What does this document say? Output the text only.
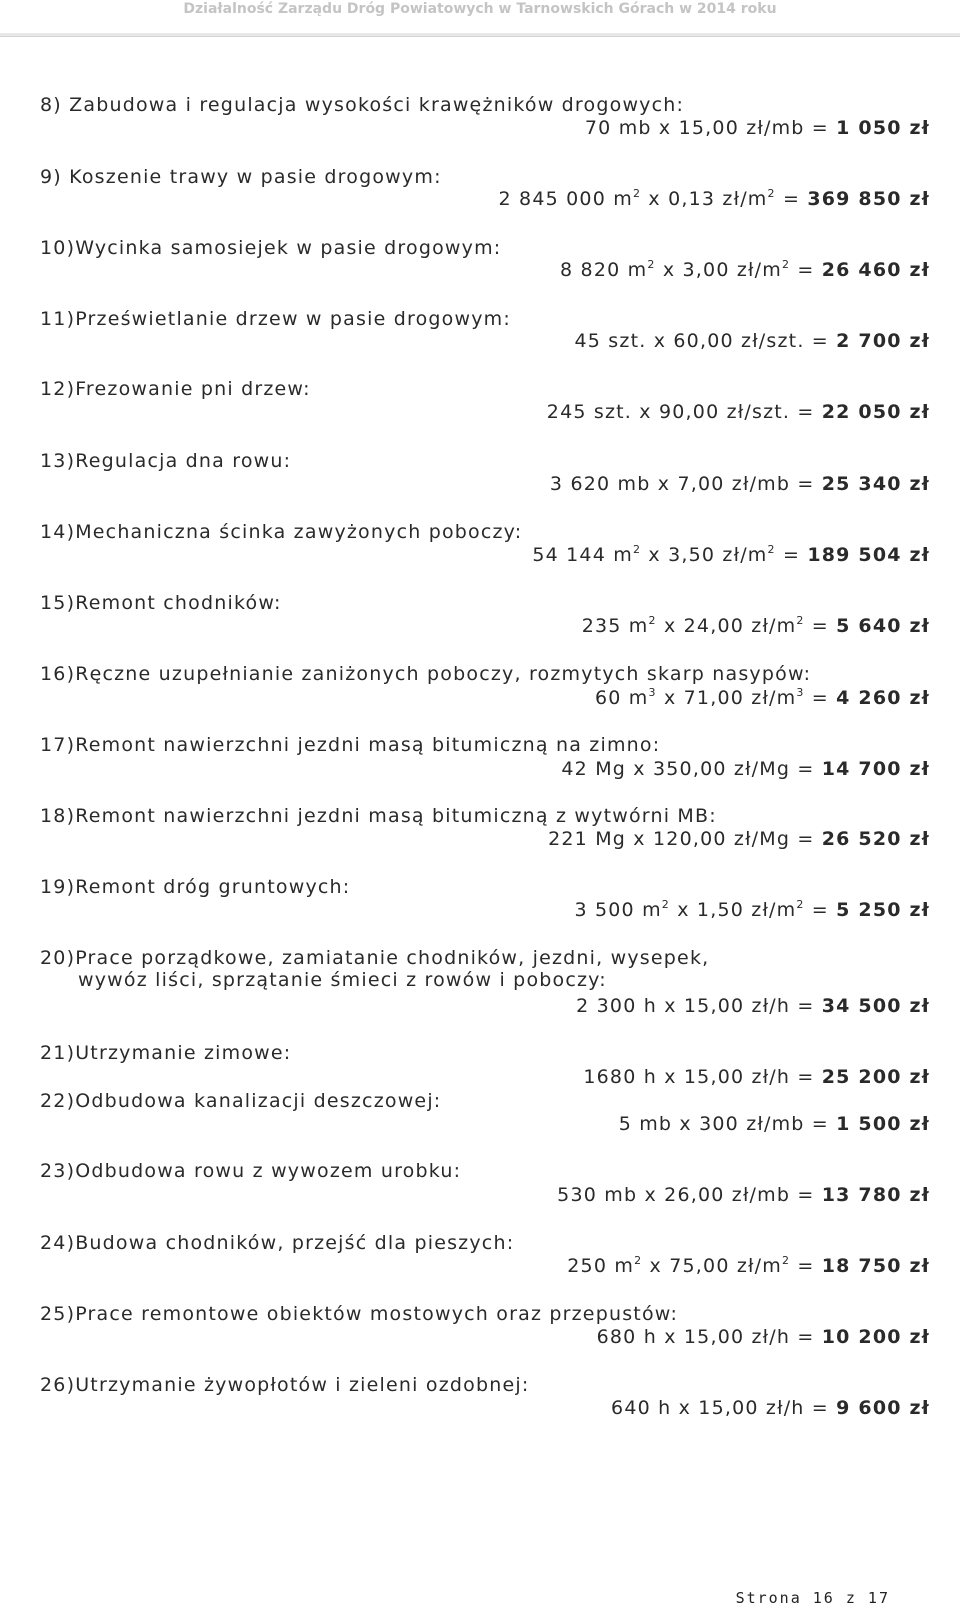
Działalność Zarządu Dróg Powiatowych w Tarnowskich Górach w 2014 roku
8) Zabudowa i regulacja wysokości krawężników drogowych:
70 mb x 15,00 zł/mb = 1 050 zł
9) Koszenie trawy w pasie drogowym:
2 845 000 $m^2$ x 0,13 $zł/m^2 = 369$ 850 zł
10)Wycinka samosiejek w pasie drogowym:
8 820 $m^2$ x 3,00 $zł/m^2 = 26$ 460 zł
11)Prześwietlanie drzew w pasie drogowym:
45 szt. x 60,00 zł/szt. = 2 700 zł
12)Frezowanie pni drzew:
245 szt. x 90,00 zł/szt. = 22 050 zł
13)Regulacja dna rowu:
3 620 mb x 7,00 zł/mb = 25 340 zł
14)Mechaniczna ścinka zawyżonych poboczy:
54 144 $m^2$ x 3,50 $zł/m^2 = 189$ 504 zł
15)Remont chodników:
235 $m^2$ x 24,00 $zł/m^2 = 5$ 640 zł
16)Ręczne uzupełnianie zaniżonych poboczy, rozmytych skarp nasypów:
60 $m^3$ x 71,00 $zł/m^3 = 4$ 260 zł
17)Remont nawierzchni jezdni masą bitumiczną na zimno:
42 Mg x 350,00 zł/Mg = 14 700 zł
18)Remont nawierzchni jezdni masą bitumiczną z wytwórni MB:
221 Mg x 120,00 zł/Mg = 26 520 zł
19)Remont dróg gruntowych:
3 500 $m^2$ x 1,50 $zł/m^2 = 5$ 250 zł
20)Prace porządkowe, zamiatanie chodników, jezdni, wysepek,
wywóz liści, sprzątanie śmieci z rowów i poboczy:
2 300 h x 15,00 zł/h = 34 500 zł
21)Utrzymanie zimowe:
1680 h x 15,00 zł/h = 25 200 zł
22)Odbudowa kanalizacji deszczowej:
5 mb x 300 zł/mb = 1 500 zł
23)Odbudowa rowu z wywozem urobku:
530 mb x 26,00 zł/mb = 13 780 zł
24)Budowa chodników, przejść dla pieszych:
250 $m^2$ x 75,00 $zł/m^2 = 18$ 750 zł
25)Prace remontowe obiektów mostowych oraz przepustów:
680 h x 15,00 zł/h = 10 200 zł
26)Utrzymanie żywopłotów i zieleni ozdobnej:
640 h x 15,00 zł/h = 9 600 zł
Strona 16 z 17
